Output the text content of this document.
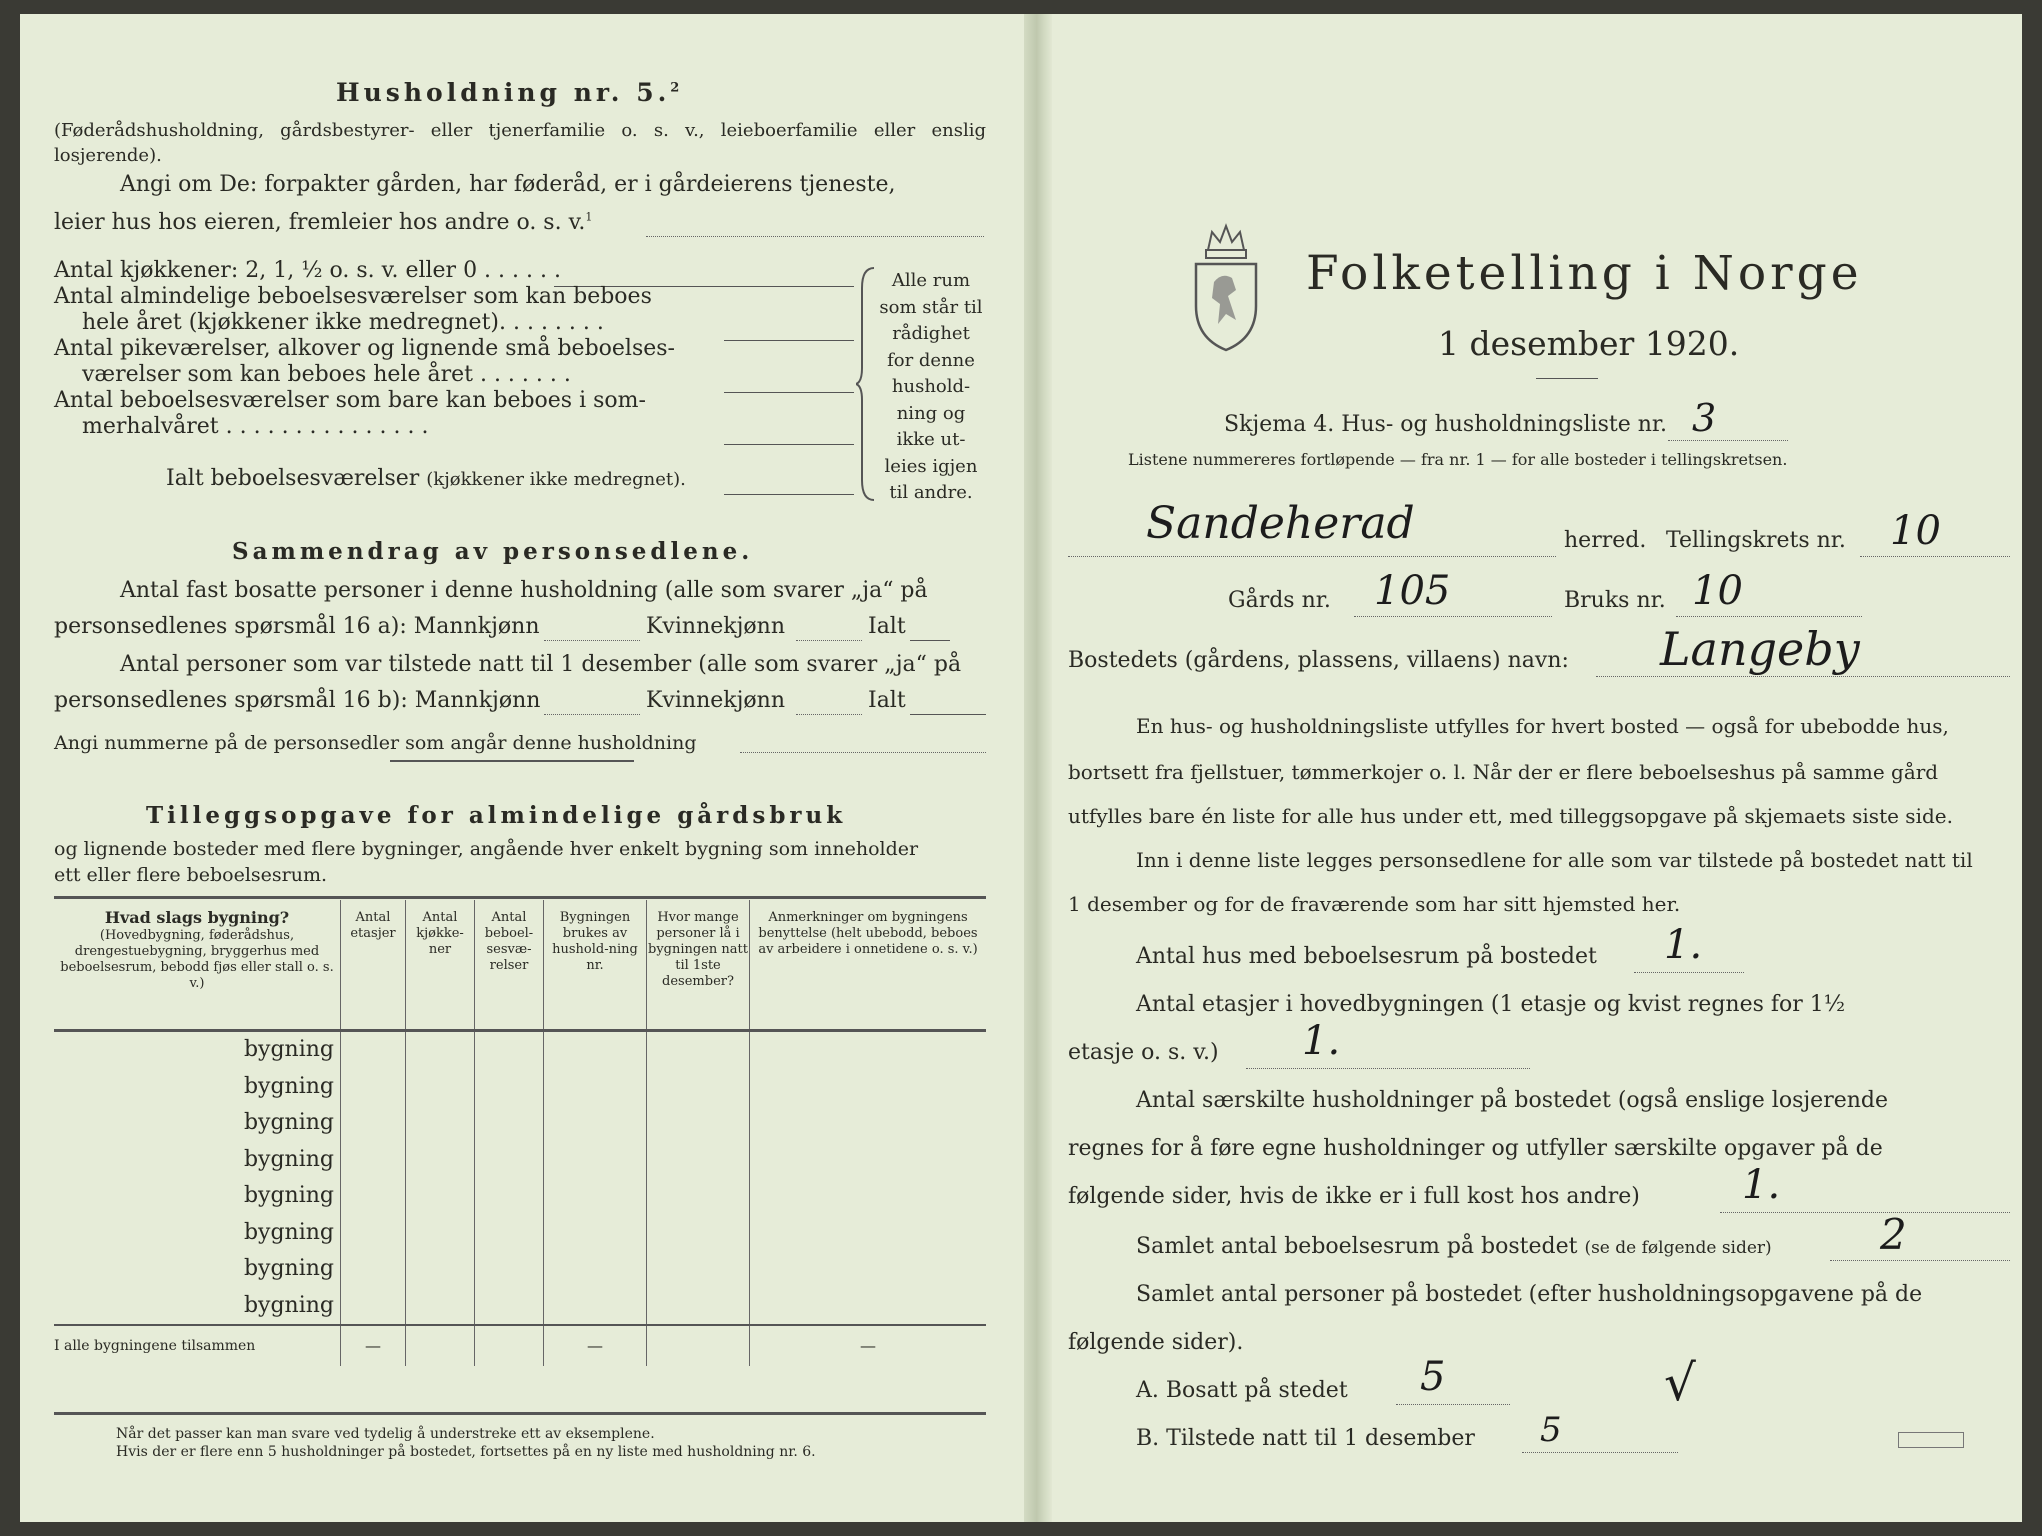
Husholdning nr. 5.$^2$
(Føderådshusholdning, gårdsbestyrer- eller tjenerfamilie o. s. v., leieboerfamilie eller enslig losjerende).
Angi om De: forpakter gården, har føderåd, er i gårdeierens tjeneste,
leier hus hos eieren, fremleier hos andre o. s. v.$^1$
Antal kjøkkener: 2, 1, ½ o. s. v. eller 0 . . . . . .
Antal almindelige beboelsesværelser som kan beboes
hele året (kjøkkener ikke medregnet). . . . . . . .
Antal pikeværelser, alkover og lignende små beboelses-
værelser som kan beboes hele året . . . . . . .
Antal beboelsesværelser som bare kan beboes i som-
merhalvåret . . . . . . . . . . . . . . .
Ialt beboelsesværelser (kjøkkener ikke medregnet).
Alle rum
som står til
rådighet
for denne
hushold-
ning og
ikke ut-
leies igjen
til andre.
Sammendrag av personsedlene.
Antal fast bosatte personer i denne husholdning (alle som svarer „ja“ på
personsedlenes spørsmål 16 a): Mannkjønn	Kvinnekjønn	Ialt
Antal personer som var tilstede natt til 1 desember (alle som svarer „ja“ på
personsedlenes spørsmål 16 b): Mannkjønn	Kvinnekjønn	Ialt
Angi nummerne på de personsedler som angår denne husholdning
Tilleggsopgave for almindelige gårdsbruk
og lignende bosteder med flere bygninger, angående hver enkelt bygning som inneholder
ett eller flere beboelsesrum.
Hvad slags bygning?
(Hovedbygning, føderådshus, drengestuebygning, bryggerhus med beboelsesrum, bebodd fjøs eller stall o. s. v.)	Antal etasjer	Antal kjøkke-ner	Antal beboel-sesvæ-relser	Bygningen brukes av hushold-ning nr.	Hvor mange personer lå i bygningen natt til 1ste desember?	Anmerkninger om bygningens benyttelse (helt ubebodd, beboes av arbeidere i onnetidene o. s. v.)
bygning						
bygning						
bygning						
bygning						
bygning						
bygning						
bygning						
bygning						
I alle bygningene tilsammen	—			—		—
Når det passer kan man svare ved tydelig å understreke ett av eksemplene.
Hvis der er flere enn 5 husholdninger på bostedet, fortsettes på en ny liste med husholdning nr. 6.
Folketelling i Norge
1 desember 1920.
Skjema 4. Hus- og husholdningsliste nr. 3
Listene nummereres fortløpende — fra nr. 1 — for alle bosteder i tellingskretsen.
Sandeherad	herred. Tellingskrets nr. 10
Gårds nr. 105	Bruks nr. 10
Bostedets (gårdens, plassens, villaens) navn: Langeby
En hus- og husholdningsliste utfylles for hvert bosted — også for ubebodde hus,
bortsett fra fjellstuer, tømmerkojer o. l. Når der er flere beboelseshus på samme gård
utfylles bare én liste for alle hus under ett, med tilleggsopgave på skjemaets siste side.
Inn i denne liste legges personsedlene for alle som var tilstede på bostedet natt til
1 desember og for de fraværende som har sitt hjemsted her.
Antal hus med beboelsesrum på bostedet 1.
Antal etasjer i hovedbygningen (1 etasje og kvist regnes for 1½
etasje o. s. v.) 1.
Antal særskilte husholdninger på bostedet (også enslige losjerende
regnes for å føre egne husholdninger og utfyller særskilte opgaver på de
følgende sider, hvis de ikke er i full kost hos andre)	1.
Samlet antal beboelsesrum på bostedet (se de følgende sider)	2
Samlet antal personer på bostedet (efter husholdningsopgavene på de
følgende sider).
A. Bosatt på stedet 5	√
B. Tilstede natt til 1 desember 5
